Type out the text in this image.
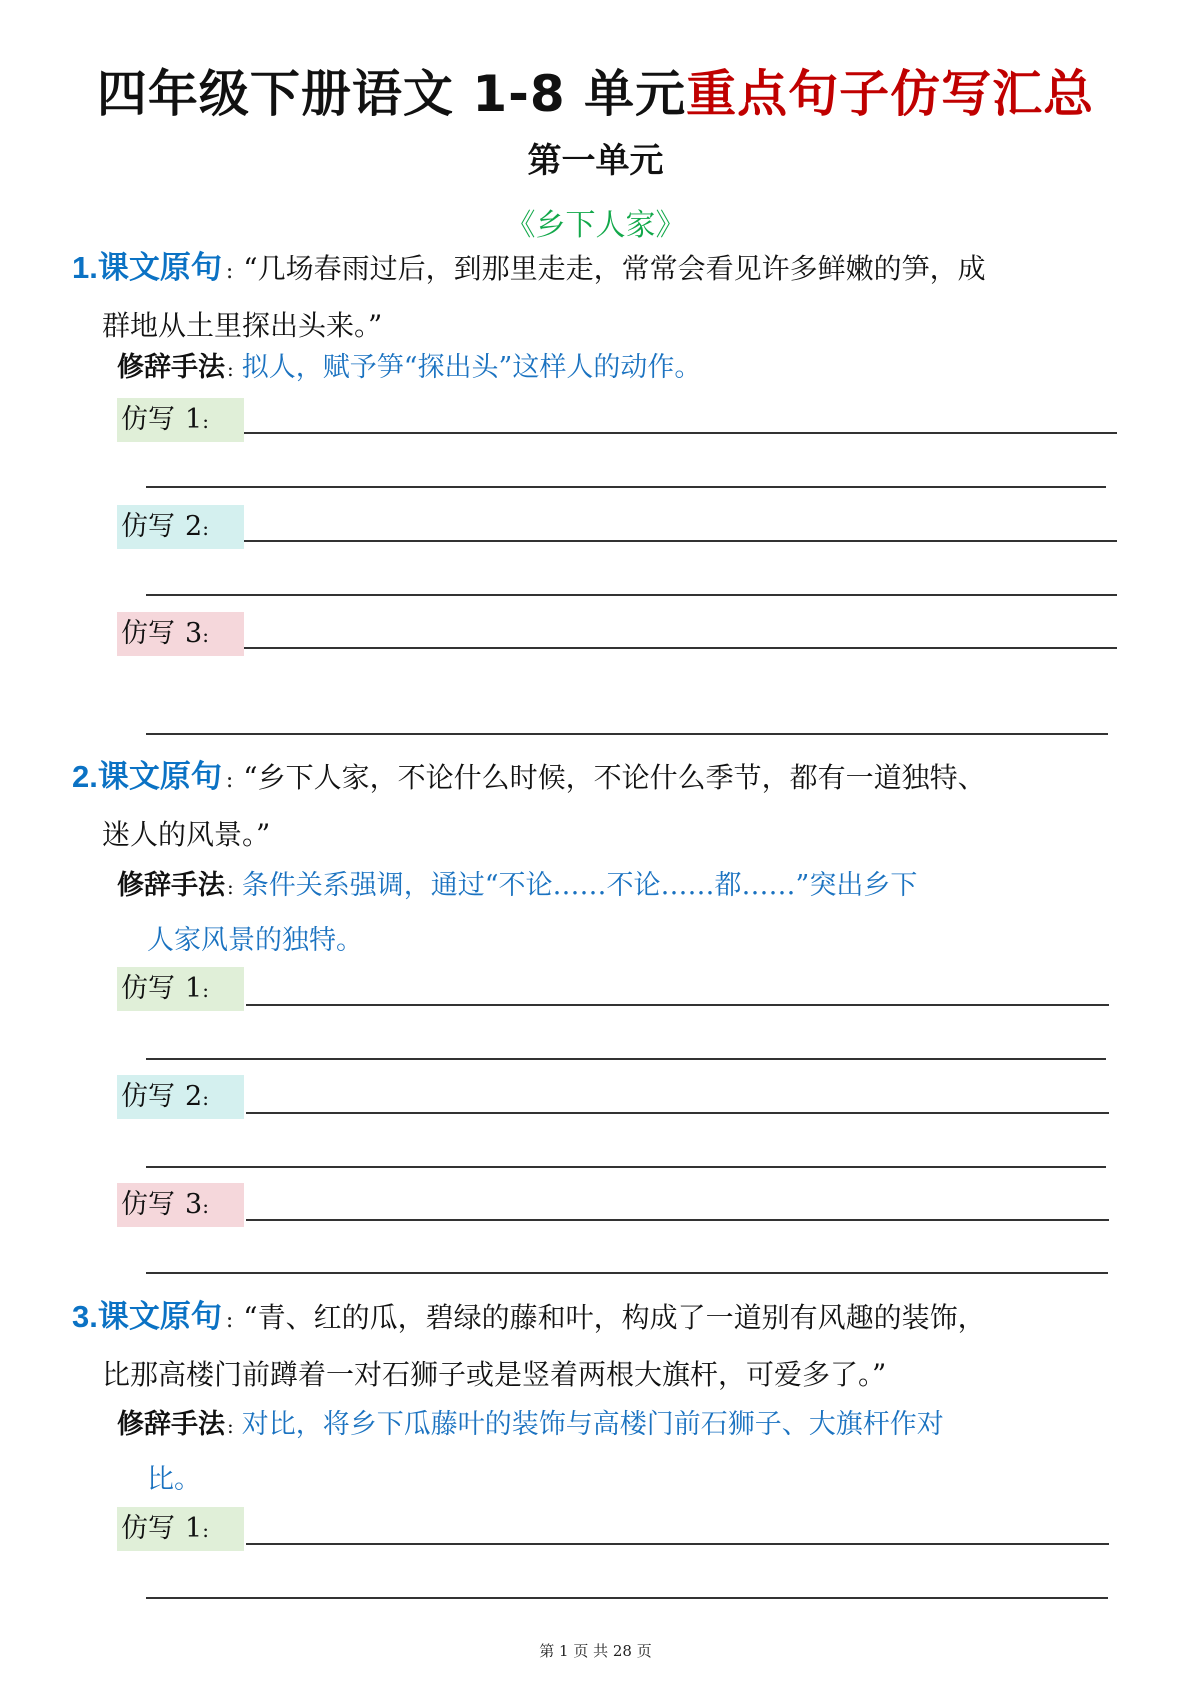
四年级下册语文 1-8 单元重点句子仿写汇总
第一单元
《乡下人家》
1.课文原句 : “几场春雨过后，到那里走走，常常会看见许多鲜嫩的笋，成
群地从土里探出头来。”
修辞手法 : 拟人，赋予笋“探出头”这样人的动作。
仿写 1:
仿写 2:
仿写 3:
2.课文原句 : “乡下人家，不论什么时候，不论什么季节，都有一道独特、
迷人的风景。”
修辞手法 : 条件关系强调，通过“不论……不论……都……”突出乡下
人家风景的独特。
仿写 1:
仿写 2:
仿写 3:
3.课文原句 : “青、红的瓜，碧绿的藤和叶，构成了一道别有风趣的装饰，
比那高楼门前蹲着一对石狮子或是竖着两根大旗杆，可爱多了。”
修辞手法 : 对比，将乡下瓜藤叶的装饰与高楼门前石狮子、大旗杆作对
比。
仿写 1:
第 1 页 共 28 页
